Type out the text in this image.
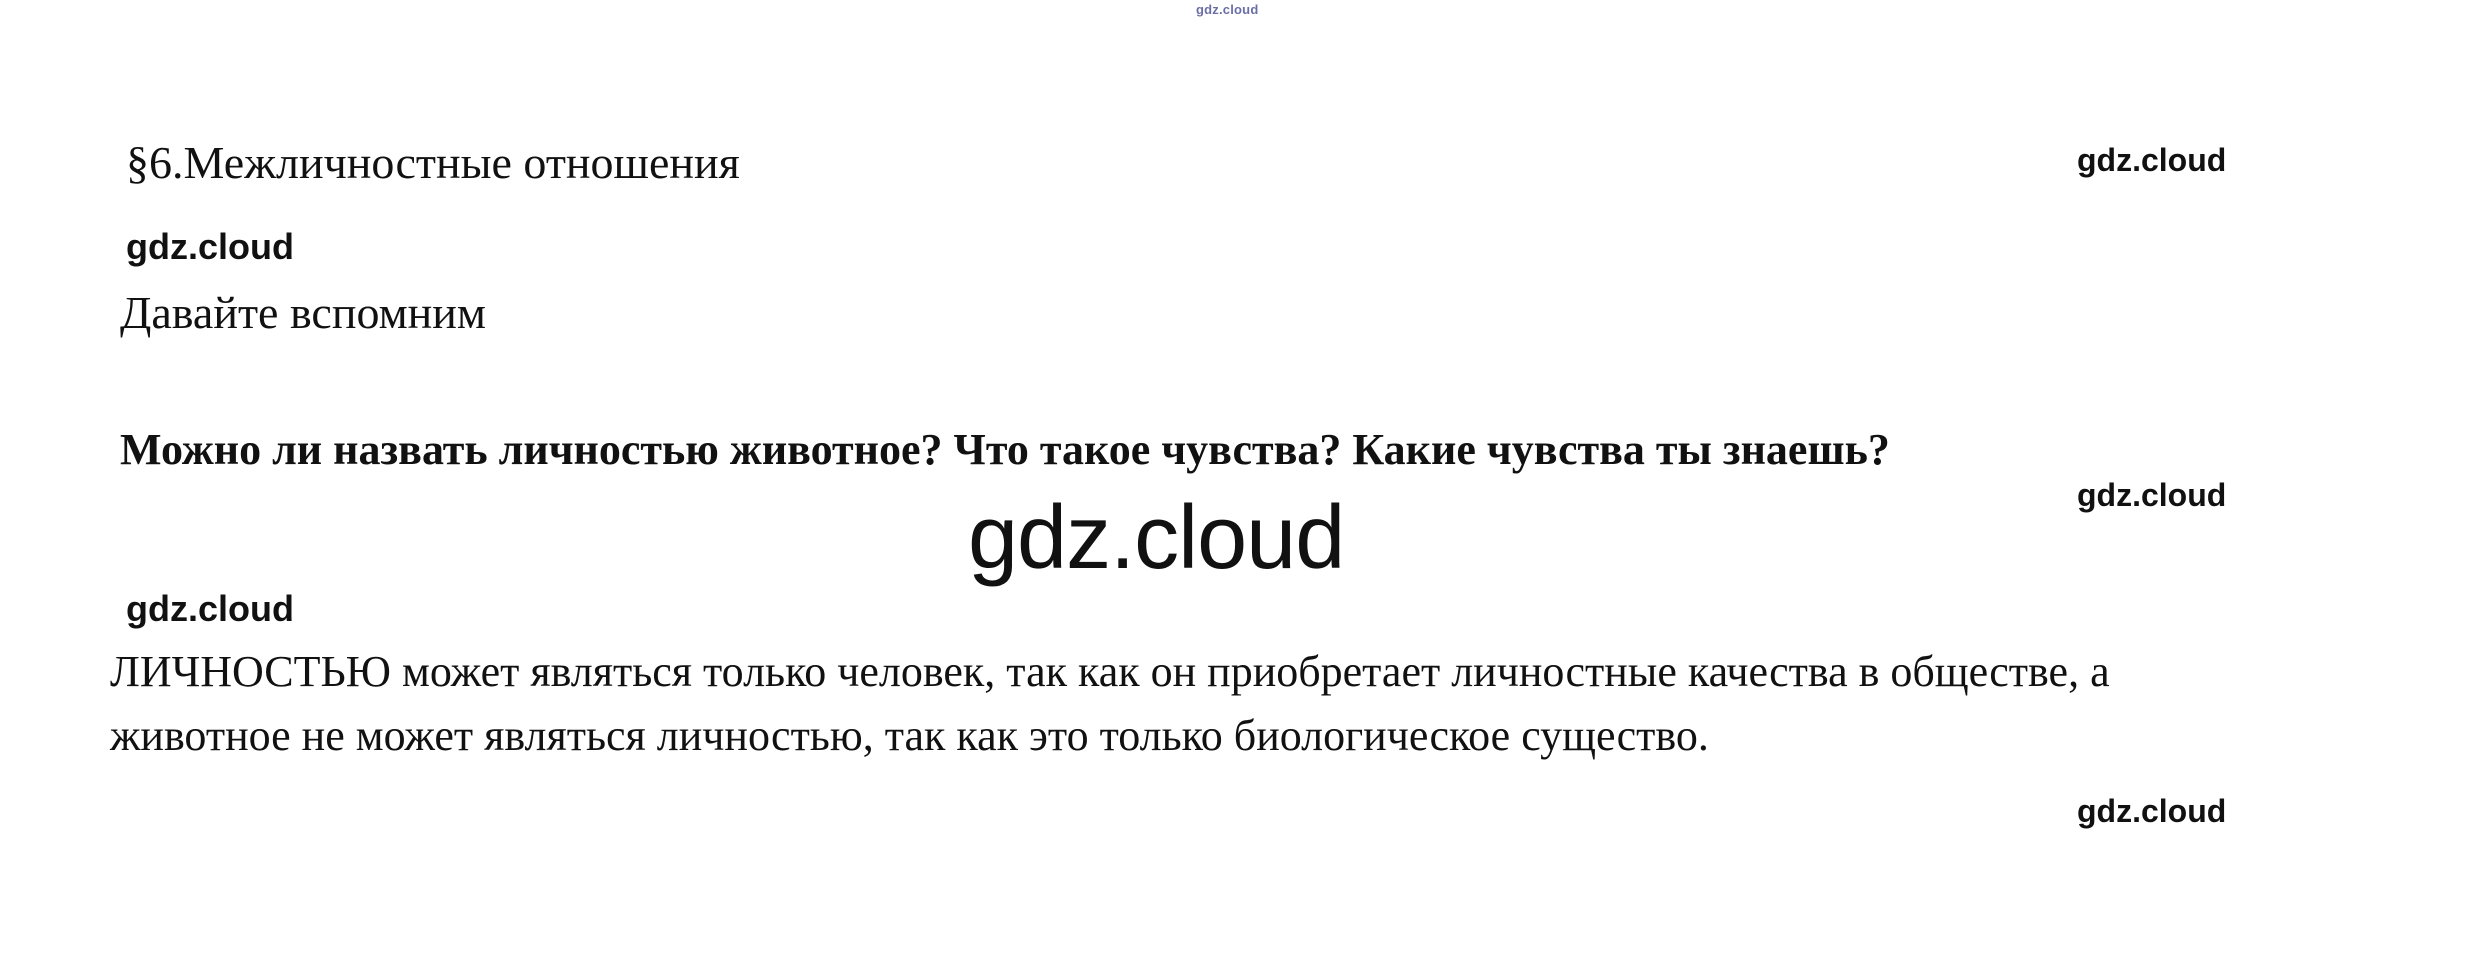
gdz.cloud
§6.Межличностные отношения
gdz.cloud
Давайте вспомним
gdz.cloud
Можно ли назвать личностью животное? Что такое чувства? Какие чувства ты знаешь?
gdz.cloud
gdz.cloud
gdz.cloud
ЛИЧНОСТЬЮ может являться только человек, так как он приобретает личностные качества в обществе, а животное не может являться личностью, так как это только биологическое существо.
gdz.cloud
